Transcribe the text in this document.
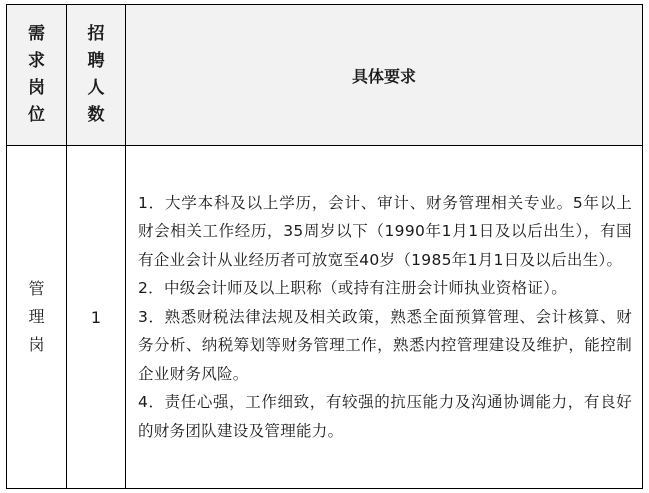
需求岗位	招聘人数	具体要求

管理岗	1	1．大学本科及以上学历，会计、审计、财务管理相关专业。5年以上财会相关工作经历，35周岁以下（1990年1月1日及以后出生），有国有企业会计从业经历者可放宽至40岁（1985年1月1日及以后出生）。

2．中级会计师及以上职称（或持有注册会计师执业资格证）。

3．熟悉财税法律法规及相关政策，熟悉全面预算管理、会计核算、财务分析、纳税筹划等财务管理工作，熟悉内控管理建设及维护，能控制企业财务风险。

4．责任心强，工作细致，有较强的抗压能力及沟通协调能力，有良好的财务团队建设及管理能力。
